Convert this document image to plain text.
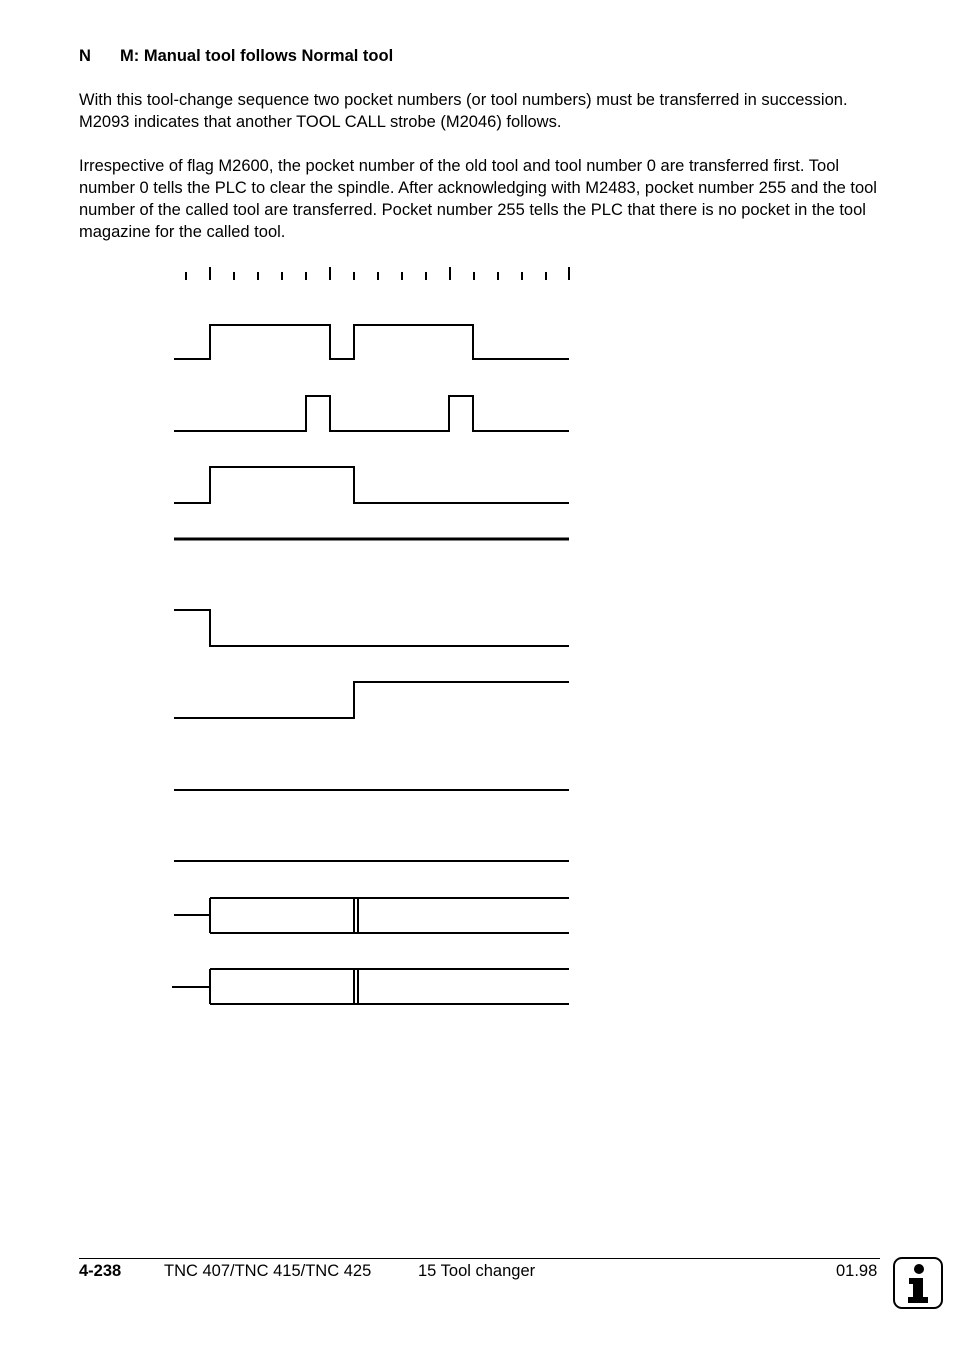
N M: Manual tool follows Normal tool

With this tool-change sequence two pocket numbers (or tool numbers) must be transferred in succession. M2093 indicates that another TOOL CALL strobe (M2046) follows.

Irrespective of flag M2600, the pocket number of the old tool and tool number 0 are transferred first. Tool number 0 tells the PLC to clear the spindle. After acknowledging with M2483, pocket number 255 and the tool number of the called tool are transferred. Pocket number 255 tells the PLC that there is no pocket in the tool magazine for the called tool.

4-238	TNC 407/TNC 415/TNC 425	15 Tool changer	01.98
